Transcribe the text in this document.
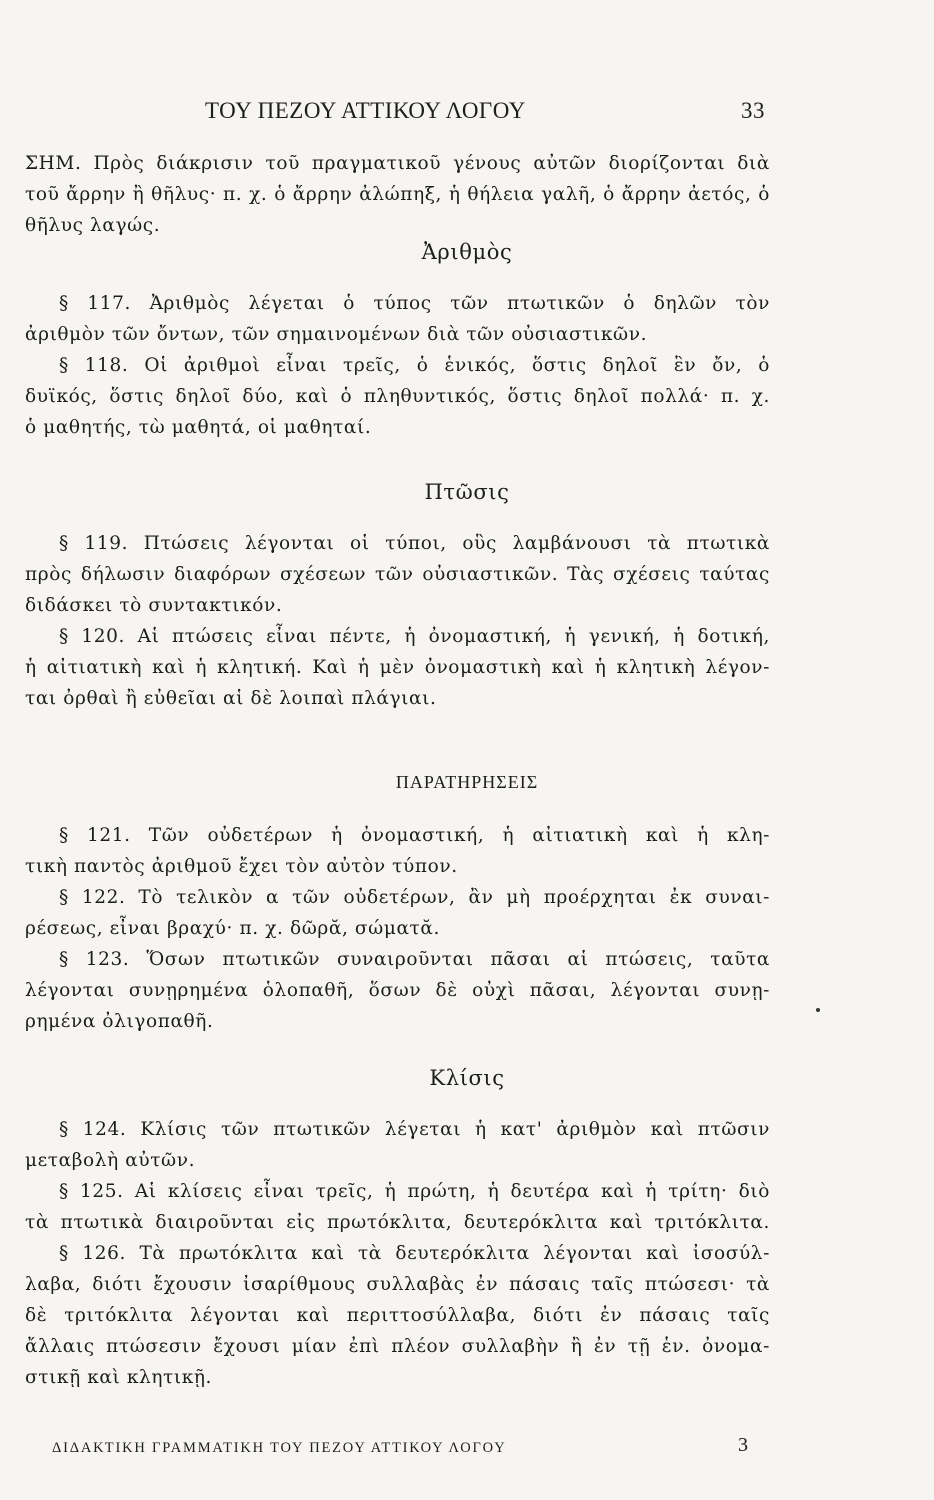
ΤΟΥ ΠΕΖΟΥ ΑΤΤΙΚΟΥ ΛΟΓΟΥ	33
ΣΗΜ. Πρὸς διάκρισιν τοῦ πραγματικοῦ γένους αὐτῶν διορίζονται διὰ
τοῦ ἄρρην ἢ θῆλυς· π. χ. ὁ ἄρρην ἀλώπηξ, ἡ θήλεια γαλῆ, ὁ ἄρρην ἀετός, ὁ
θῆλυς λαγώς.
Ἀριθμὸς
§ 117. Ἀριθμὸς λέγεται ὁ τύπος τῶν πτωτικῶν ὁ δηλῶν τὸν
ἀριθμὸν τῶν ὄντων, τῶν σημαινομένων διὰ τῶν οὐσιαστικῶν.
§ 118. Οἱ ἀριθμοὶ εἶναι τρεῖς, ὁ ἑνικός, ὅστις δηλοῖ ἓν ὄν, ὁ
δυϊκός, ὅστις δηλοῖ δύο, καὶ ὁ πληθυντικός, ὅστις δηλοῖ πολλά· π. χ.
ὁ μαθητής, τὼ μαθητά, οἱ μαθηταί.
Πτῶσις
§ 119. Πτώσεις λέγονται οἱ τύποι, οὓς λαμβάνουσι τὰ πτωτικὰ
πρὸς δήλωσιν διαφόρων σχέσεων τῶν οὐσιαστικῶν. Τὰς σχέσεις ταύτας
διδάσκει τὸ συντακτικόν.
§ 120. Αἱ πτώσεις εἶναι πέντε, ἡ ὀνομαστική, ἡ γενική, ἡ δοτική,
ἡ αἰτιατικὴ καὶ ἡ κλητική. Καὶ ἡ μὲν ὀνομαστικὴ καὶ ἡ κλητικὴ λέγον-
ται ὀρθαὶ ἢ εὐθεῖαι αἱ δὲ λοιπαὶ πλάγιαι.
ΠΑΡΑΤΗΡΗΣΕΙΣ
§ 121. Τῶν οὐδετέρων ἡ ὀνομαστική, ἡ αἰτιατικὴ καὶ ἡ κλη-
τικὴ παντὸς ἀριθμοῦ ἔχει τὸν αὐτὸν τύπον.
§ 122. Τὸ τελικὸν α τῶν οὐδετέρων, ἂν μὴ προέρχηται ἐκ συναι-
ρέσεως, εἶναι βραχύ· π. χ. δῶρᾰ, σώματᾰ.
§ 123. Ὅσων πτωτικῶν συναιροῦνται πᾶσαι αἱ πτώσεις, ταῦτα
λέγονται συνῃρημένα ὁλοπαθῆ, ὅσων δὲ οὐχὶ πᾶσαι, λέγονται συνῃ-
ρημένα ὀλιγοπαθῆ.
Κλίσις
§ 124. Κλίσις τῶν πτωτικῶν λέγεται ἡ κατ' ἀριθμὸν καὶ πτῶσιν
μεταβολὴ αὐτῶν.
§ 125. Αἱ κλίσεις εἶναι τρεῖς, ἡ πρώτη, ἡ δευτέρα καὶ ἡ τρίτη· διὸ
τὰ πτωτικὰ διαιροῦνται εἰς πρωτόκλιτα, δευτερόκλιτα καὶ τριτόκλιτα.
§ 126. Τὰ πρωτόκλιτα καὶ τὰ δευτερόκλιτα λέγονται καὶ ἰσοσύλ-
λαβα, διότι ἔχουσιν ἰσαρίθμους συλλαβὰς ἐν πάσαις ταῖς πτώσεσι· τὰ
δὲ τριτόκλιτα λέγονται καὶ περιττοσύλλαβα, διότι ἐν πάσαις ταῖς
ἄλλαις πτώσεσιν ἔχουσι μίαν ἐπὶ πλέον συλλαβὴν ἢ ἐν τῇ ἑν. ὀνομα-
στικῇ καὶ κλητικῇ.
ΔΙΔΑΚΤΙΚΗ ΓΡΑΜΜΑΤΙΚΗ ΤΟΥ ΠΕΖΟΥ ΑΤΤΙΚΟΥ ΛΟΓΟΥ	3
